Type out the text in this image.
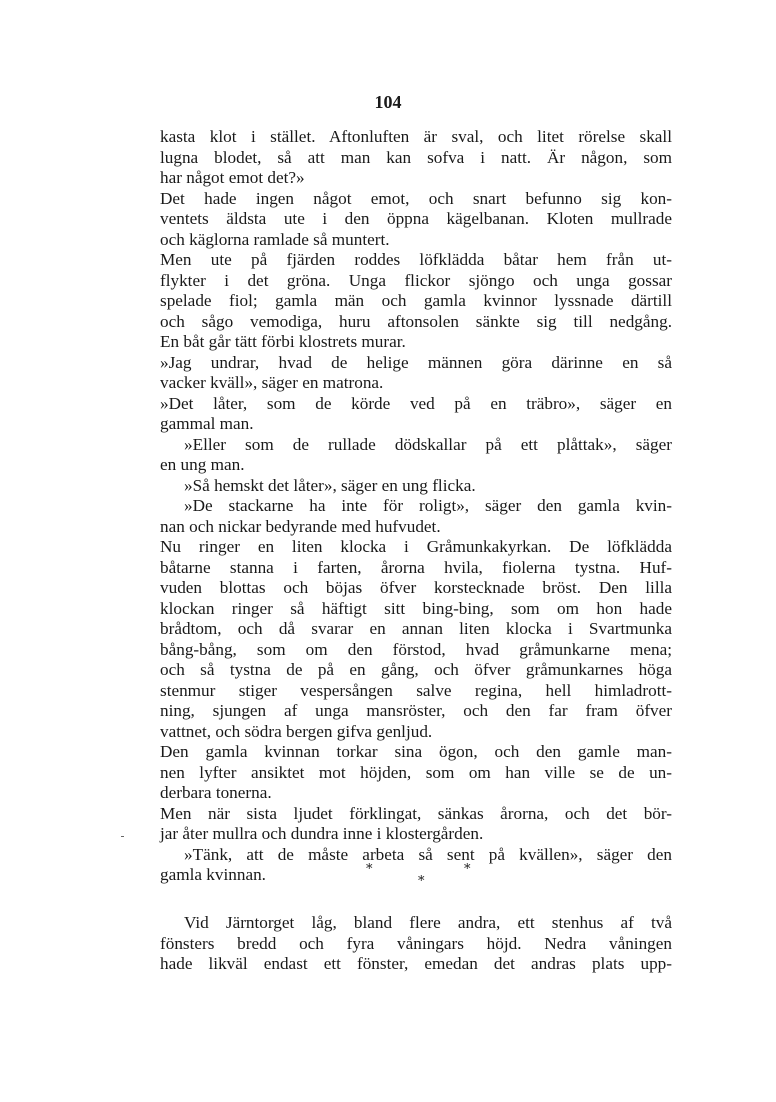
104
kasta klot i stället. Aftonluften är sval, och litet rörelse skall
lugna blodet, så att man kan sofva i natt. Är någon, som
har något emot det?»
Det hade ingen något emot, och snart befunno sig kon-
ventets äldsta ute i den öppna kägelbanan. Kloten mullrade
och käglorna ramlade så muntert.
Men ute på fjärden roddes löfklädda båtar hem från ut-
flykter i det gröna. Unga flickor sjöngo och unga gossar
spelade fiol; gamla män och gamla kvinnor lyssnade därtill
och sågo vemodiga, huru aftonsolen sänkte sig till nedgång.
En båt går tätt förbi klostrets murar.
»Jag undrar, hvad de helige männen göra därinne en så
vacker kväll», säger en matrona.
»Det låter, som de körde ved på en träbro», säger en
gammal man.
»Eller som de rullade dödskallar på ett plåttak», säger
en ung man.
»Så hemskt det låter», säger en ung flicka.
»De stackarne ha inte för roligt», säger den gamla kvin-
nan och nickar bedyrande med hufvudet.
Nu ringer en liten klocka i Gråmunkakyrkan. De löfklädda
båtarne stanna i farten, årorna hvila, fiolerna tystna. Huf-
vuden blottas och böjas öfver korstecknade bröst. Den lilla
klockan ringer så häftigt sitt bing-bing, som om hon hade
brådtom, och då svarar en annan liten klocka i Svartmunka
bång-bång, som om den förstod, hvad gråmunkarne mena;
och så tystna de på en gång, och öfver gråmunkarnes höga
stenmur stiger vespersången salve regina, hell himladrott-
ning, sjungen af unga mansröster, och den far fram öfver
vattnet, och södra bergen gifva genljud.
Den gamla kvinnan torkar sina ögon, och den gamle man-
nen lyfter ansiktet mot höjden, som om han ville se de un-
derbara tonerna.
Men när sista ljudet förklingat, sänkas årorna, och det bör-
jar åter mullra och dundra inne i klostergården.
»Tänk, att de måste arbeta så sent på kvällen», säger den
gamla kvinnan.	*
*
*
Vid Järntorget låg, bland flere andra, ett stenhus af två
fönsters bredd och fyra våningars höjd. Nedra våningen
hade likväl endast ett fönster, emedan det andras plats upp-
